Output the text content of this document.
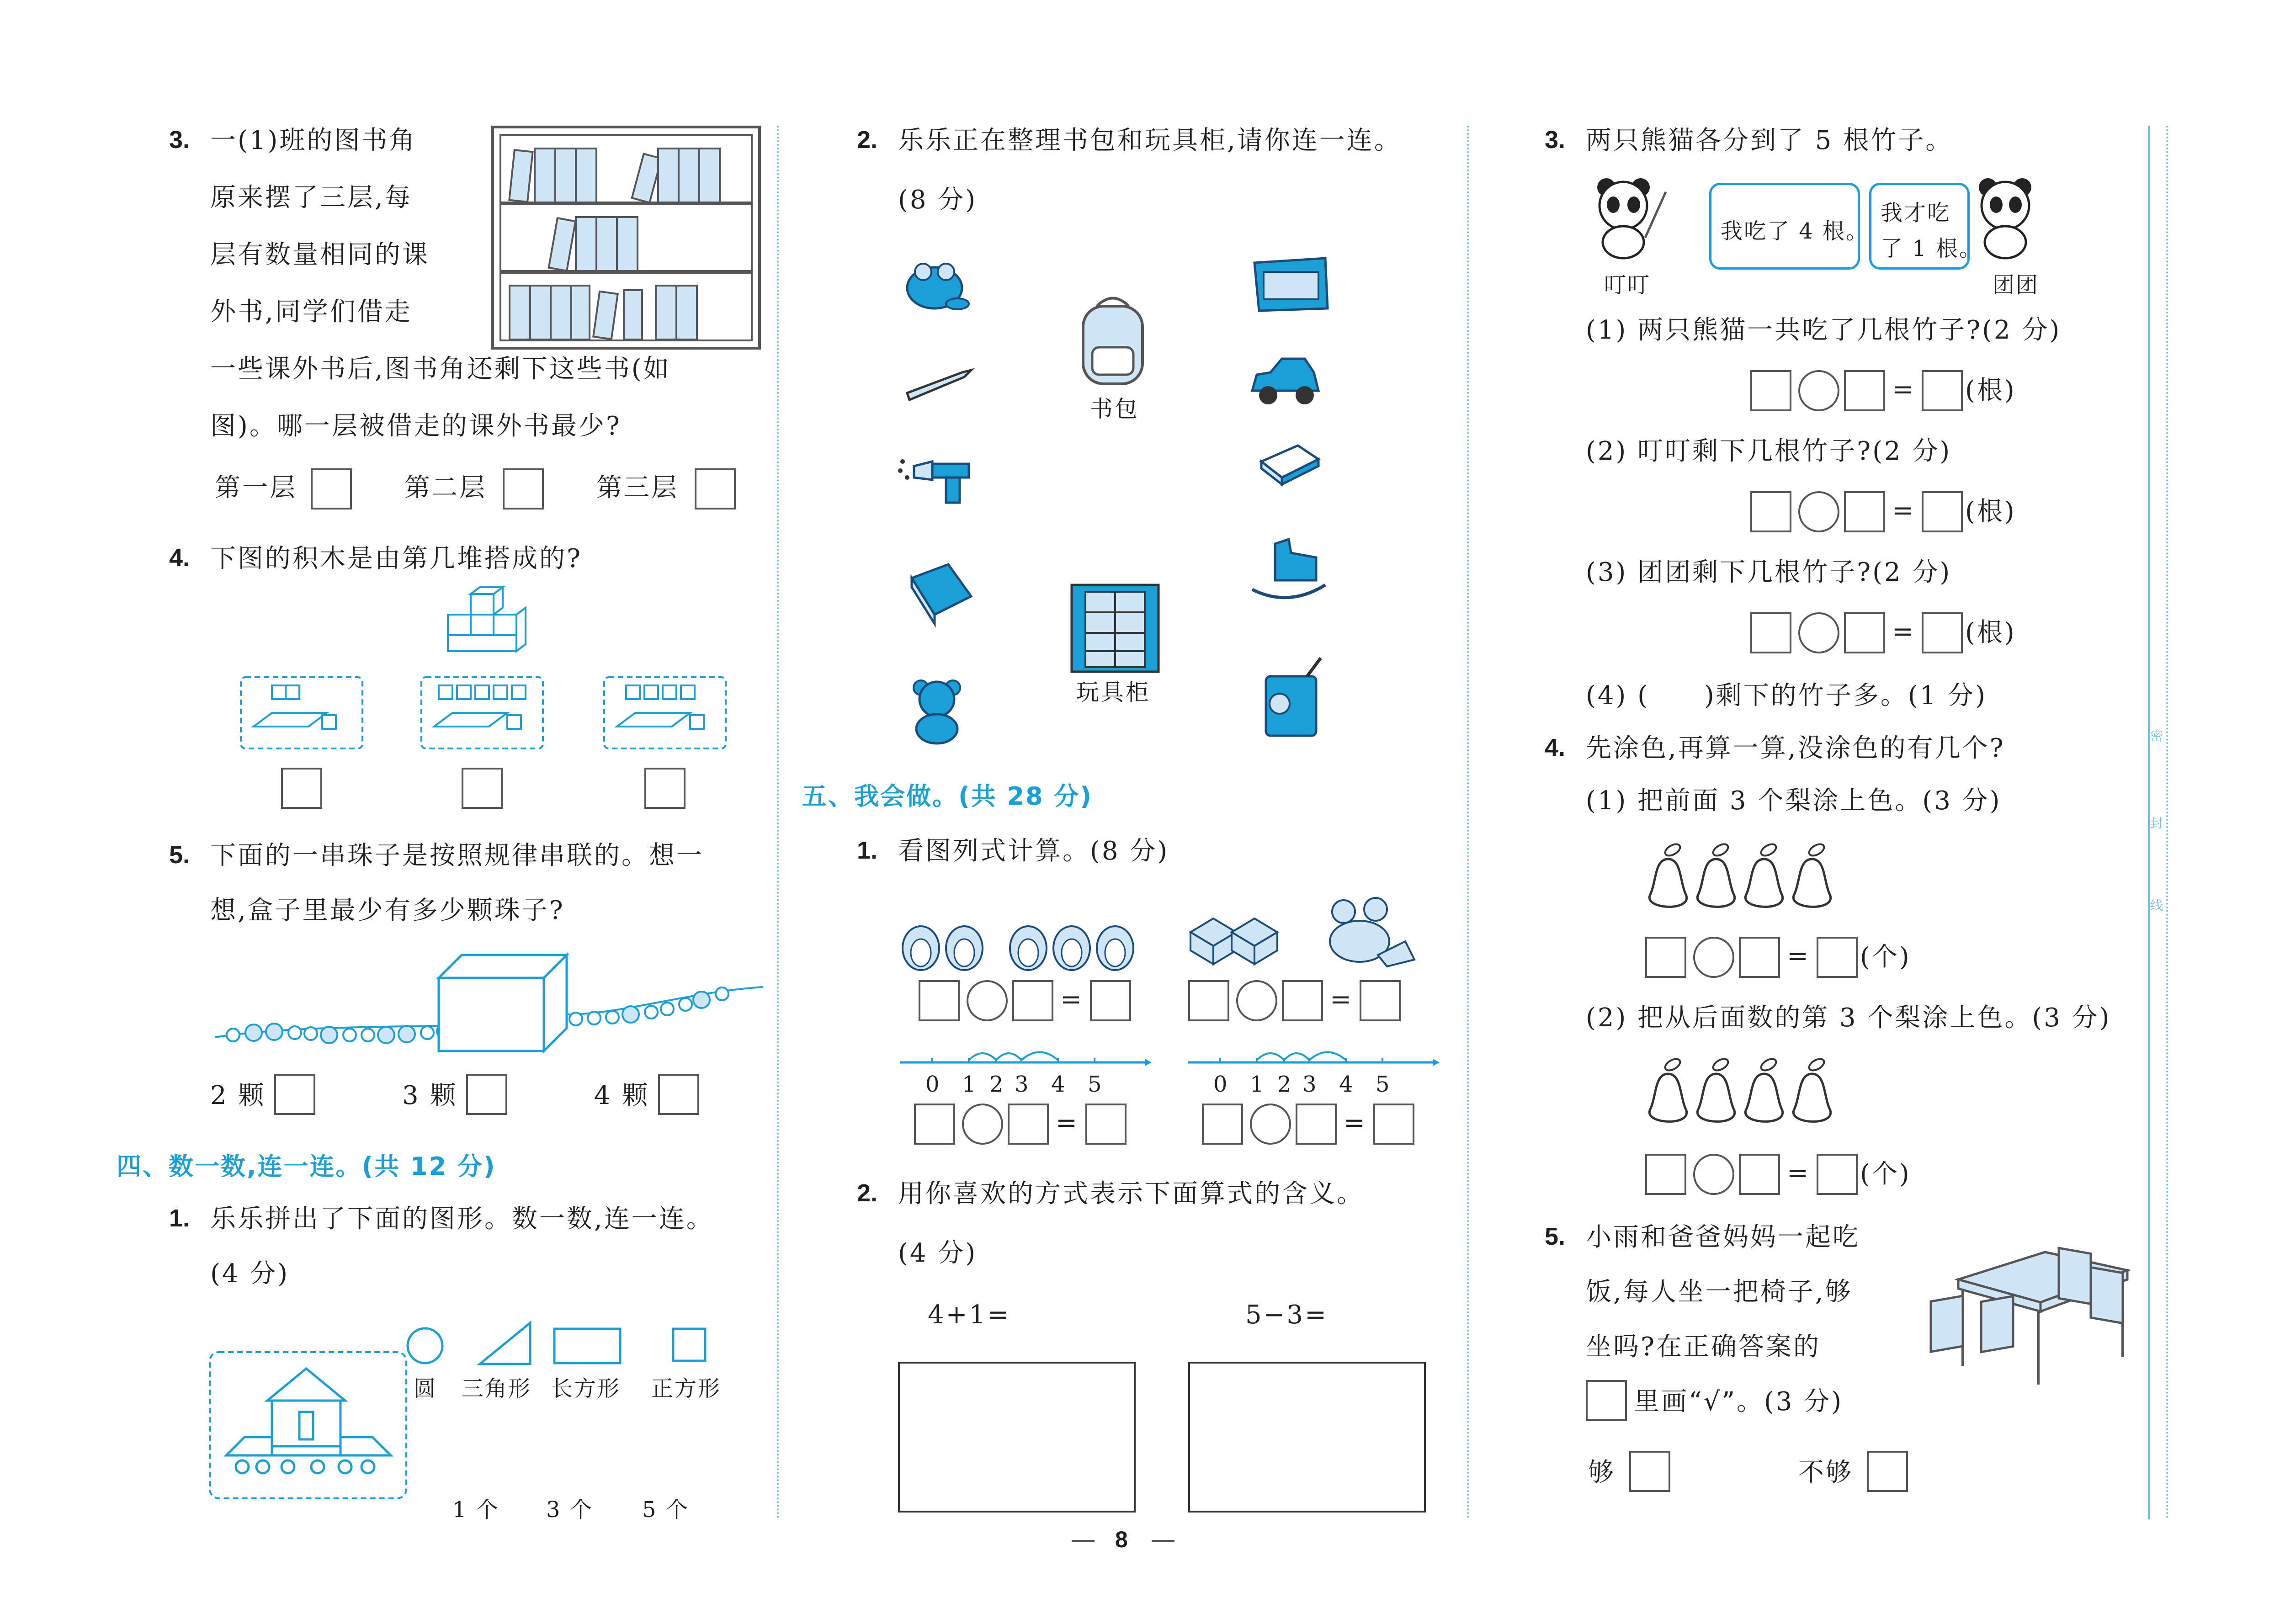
3. 一(1)班的图书角
原来摆了三层,每
层有数量相同的课
外书,同学们借走
一些课外书后,图书角还剩下这些书(如
图)。哪一层被借走的课外书最少?
第一层	第二层	第三层
4. 下图的积木是由第几堆搭成的?
5. 下面的一串珠子是按照规律串联的。想一
想,盒子里最少有多少颗珠子?
2 颗	3 颗	4 颗
四、数一数,连一连。(共 12 分)
1. 乐乐拼出了下面的图形。数一数,连一连。
(4 分)
圆 三角形 长方形 正方形
1 个 3 个 5 个
2. 乐乐正在整理书包和玩具柜,请你连一连。
(8 分)
书包
玩具柜
五、我会做。(共 28 分)
1. 看图列式计算。(8 分)
=	=
0 1 2 3 4 5	0 1 2 3 4 5
=	=
2. 用你喜欢的方式表示下面算式的含义。
(4 分)
4+1=	5−3=
8
3. 两只熊猫各分到了 5 根竹子。
叮叮
我吃了 4 根。
我才吃
了 1 根。
团团
(1) 两只熊猫一共吃了几根竹子?(2 分)
= (根)
(2) 叮叮剩下几根竹子?(2 分)
= (根)
(3) 团团剩下几根竹子?(2 分)
= (根)
(4) (　　)剩下的竹子多。(1 分)
4. 先涂色,再算一算,没涂色的有几个?
(1) 把前面 3 个梨涂上色。(3 分)
= (个)
(2) 把从后面数的第 3 个梨涂上色。(3 分)
= (个)
5. 小雨和爸爸妈妈一起吃
饭,每人坐一把椅子,够
坐吗?在正确答案的
里画“√”。(3 分)
够	不够
密
封
线
